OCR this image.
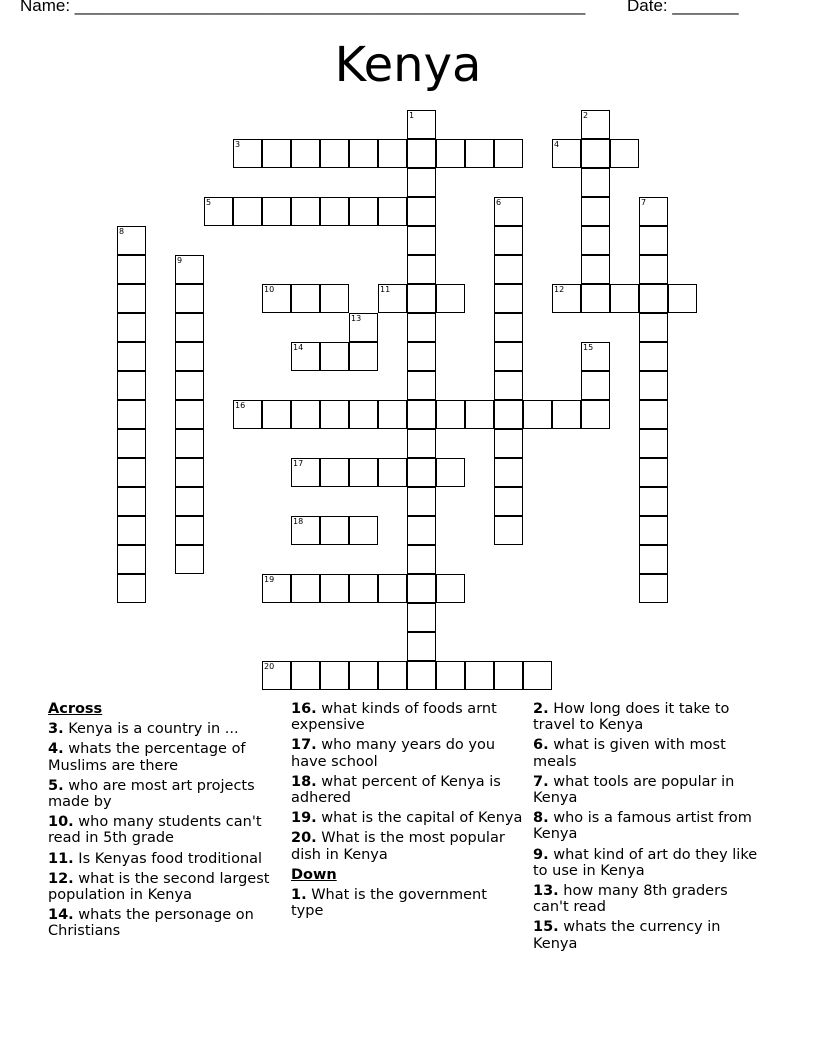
Name: ______________________________________________________ Date: _______
Kenya
1	2
3	4
5	6	7
8
9
10	11	12
13
14	15
16
17
18
19
20
Across
3. Kenya is a country in ...
4. whats the percentage of Muslims are there
5. who are most art projects made by
10. who many students can't read in 5th grade
11. Is Kenyas food troditional
12. what is the second largest population in Kenya
14. whats the personage on Christians
16. what kinds of foods arnt expensive
17. who many years do you have school
18. what percent of Kenya is adhered
19. what is the capital of Kenya
20. What is the most popular dish in Kenya
Down
1. What is the government type
2. How long does it take to travel to Kenya
6. what is given with most meals
7. what tools are popular in Kenya
8. who is a famous artist from Kenya
9. what kind of art do they like to use in Kenya
13. how many 8th graders can't read
15. whats the currency in Kenya
